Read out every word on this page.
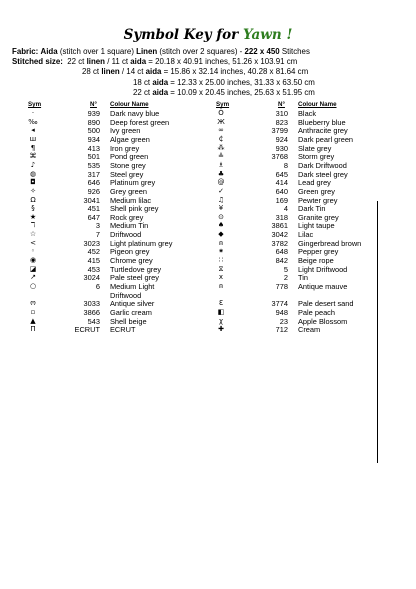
Symbol Key for Yawn !
Fabric: Aida (stitch over 1 square) Linen (stitch over 2 squares) - 222 x 450 Stitches
Stitched size: 22 ct linen / 11 ct aida = 20.18 x 40.91 inches, 51.26 x 103.91 cm
28 ct linen / 14 ct aida = 15.86 x 32.14 inches, 40.28 x 81.64 cm
18 ct aida = 12.33 x 25.00 inches, 31.33 x 63.50 cm
22 ct aida = 10.09 x 20.45 inches, 25.63 x 51.95 cm
Sym	N° Colour Name
·	939 Dark navy blue
‰	890 Deep forest green
◂	500 Ivy green
ш	934 Algae green
¶	413 Iron grey
⌘	501 Pond green
♪	535 Stone grey
◍	317 Steel grey
◘	646 Platinum grey
✧	926 Grey green
Ω	3041 Medium lilac
§	451 Shell pink grey
★	647 Rock grey
ℸ	3 Medium Tin
☆	7 Driftwood
<	3023 Light platinum grey
◦	452 Pigeon grey
◉	415 Chrome grey
◪	453 Turtledove grey
↗	3024 Pale steel grey
○	6 Medium Light
Driftwood
ო	3033 Antique silver
▫	3866 Garlic cream
▲	543 Shell beige
Π	ECRUT ECRUT
Sym	N° Colour Name
Ö	310 Black
Ж	823 Blueberry blue
∞	3799 Anthracite grey
₵	924 Dark pearl green
⁂	930 Slate grey
≗	3768 Storm grey
♗	8 Dark Driftwood
♣	645 Dark steel grey
@	414 Lead grey
✓	640 Green grey
♫	169 Pewter grey
¥	4 Dark Tin
⊙	318 Granite grey
♠	3861 Light taupe
◆	3042 Lilac
⍝	3782 Gingerbread brown
⁕	648 Pepper grey
∷	842 Beige rope
⧖	5 Light Driftwood
x	2 Tin
⍝	778 Antique mauve
Ɛ	3774 Pale desert sand
◧	948 Pale peach
χ	23 Apple Blossom
✚	712 Cream
